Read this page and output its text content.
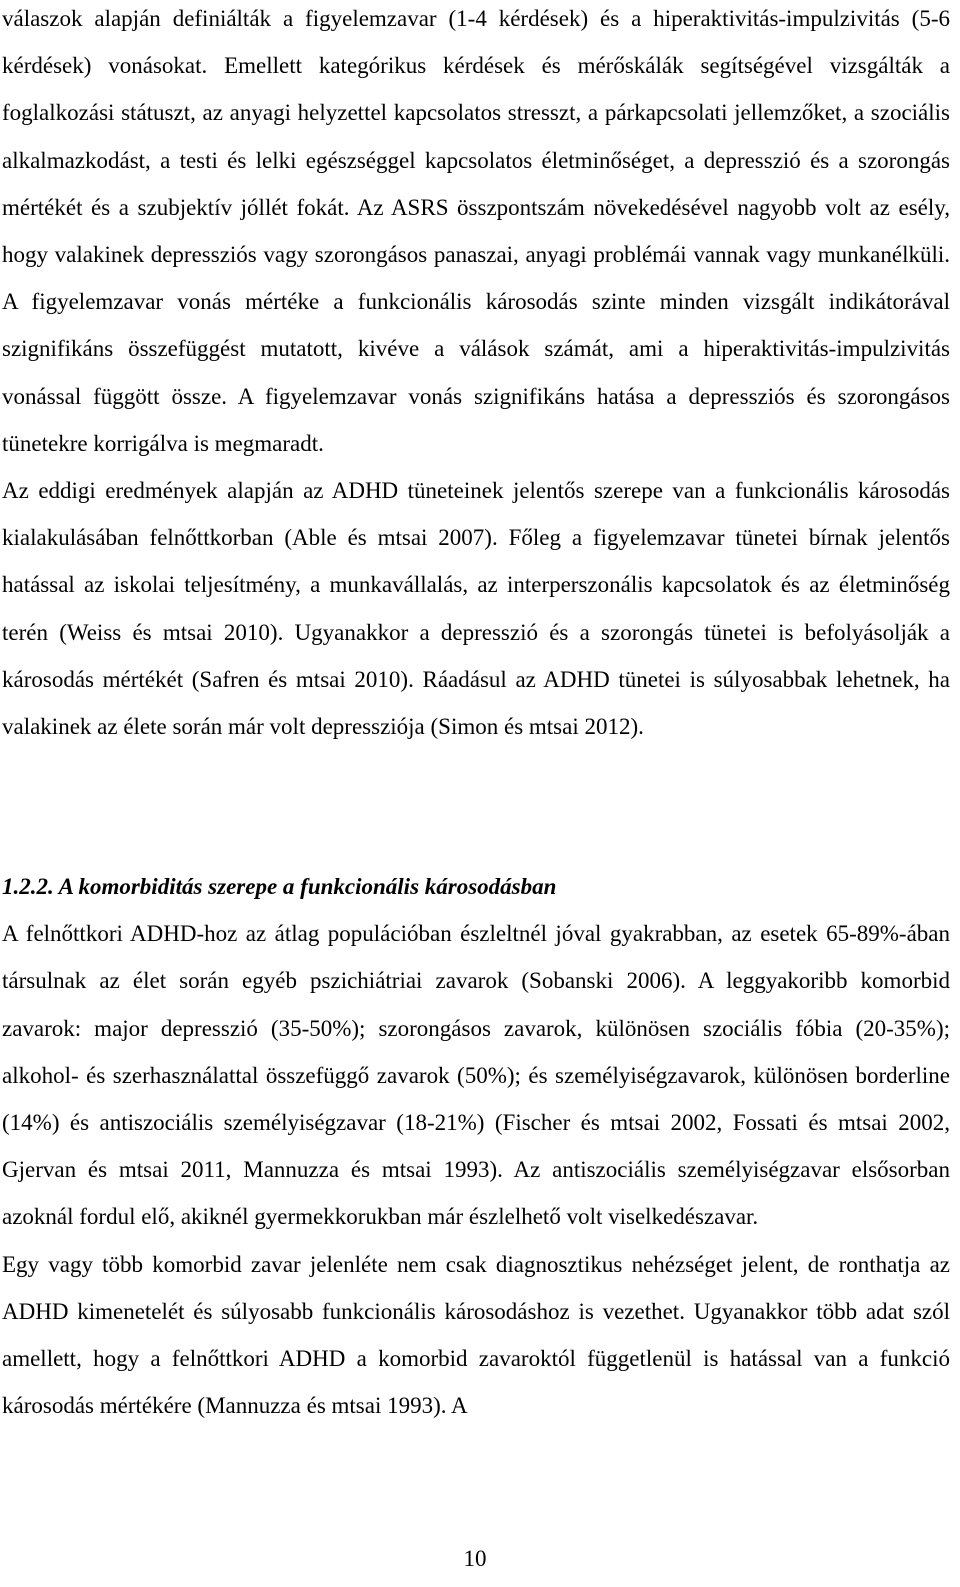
válaszok alapján definiálták a figyelemzavar (1-4 kérdések) és a hiperaktivitás-impulzivitás (5-6 kérdések) vonásokat. Emellett kategórikus kérdések és mérőskálák segítségével vizsgálták a foglalkozási státuszt, az anyagi helyzettel kapcsolatos stresszt, a párkapcsolati jellemzőket, a szociális alkalmazkodást, a testi és lelki egészséggel kapcsolatos életminőséget, a depresszió és a szorongás mértékét és a szubjektív jóllét fokát. Az ASRS összpontszám növekedésével nagyobb volt az esély, hogy valakinek depressziós vagy szorongásos panaszai, anyagi problémái vannak vagy munkanélküli. A figyelemzavar vonás mértéke a funkcionális károsodás szinte minden vizsgált indikátorával szignifikáns összefüggést mutatott, kivéve a válások számát, ami a hiperaktivitás-impulzivitás vonással függött össze. A figyelemzavar vonás szignifikáns hatása a depressziós és szorongásos tünetekre korrigálva is megmaradt.

Az eddigi eredmények alapján az ADHD tüneteinek jelentős szerepe van a funkcionális károsodás kialakulásában felnőttkorban (Able és mtsai 2007). Főleg a figyelemzavar tünetei bírnak jelentős hatással az iskolai teljesítmény, a munkavállalás, az interperszonális kapcsolatok és az életminőség terén (Weiss és mtsai 2010). Ugyanakkor a depresszió és a szorongás tünetei is befolyásolják a károsodás mértékét (Safren és mtsai 2010). Ráadásul az ADHD tünetei is súlyosabbak lehetnek, ha valakinek az élete során már volt depressziója (Simon és mtsai 2012).

1.2.2. A komorbiditás szerepe a funkcionális károsodásban

A felnőttkori ADHD-hoz az átlag populációban észleltnél jóval gyakrabban, az esetek 65-89%-ában társulnak az élet során egyéb pszichiátriai zavarok (Sobanski 2006). A leggyakoribb komorbid zavarok: major depresszió (35-50%); szorongásos zavarok, különösen szociális fóbia (20-35%); alkohol- és szerhasználattal összefüggő zavarok (50%); és személyiségzavarok, különösen borderline (14%) és antiszociális személyiségzavar (18-21%) (Fischer és mtsai 2002, Fossati és mtsai 2002, Gjervan és mtsai 2011, Mannuzza és mtsai 1993). Az antiszociális személyiségzavar elsősorban azoknál fordul elő, akiknél gyermekkorukban már észlelhető volt viselkedészavar.

Egy vagy több komorbid zavar jelenléte nem csak diagnosztikus nehézséget jelent, de ronthatja az ADHD kimenetelét és súlyosabb funkcionális károsodáshoz is vezethet. Ugyanakkor több adat szól amellett, hogy a felnőttkori ADHD a komorbid zavaroktól függetlenül is hatással van a funkció károsodás mértékére (Mannuzza és mtsai 1993). A

10
